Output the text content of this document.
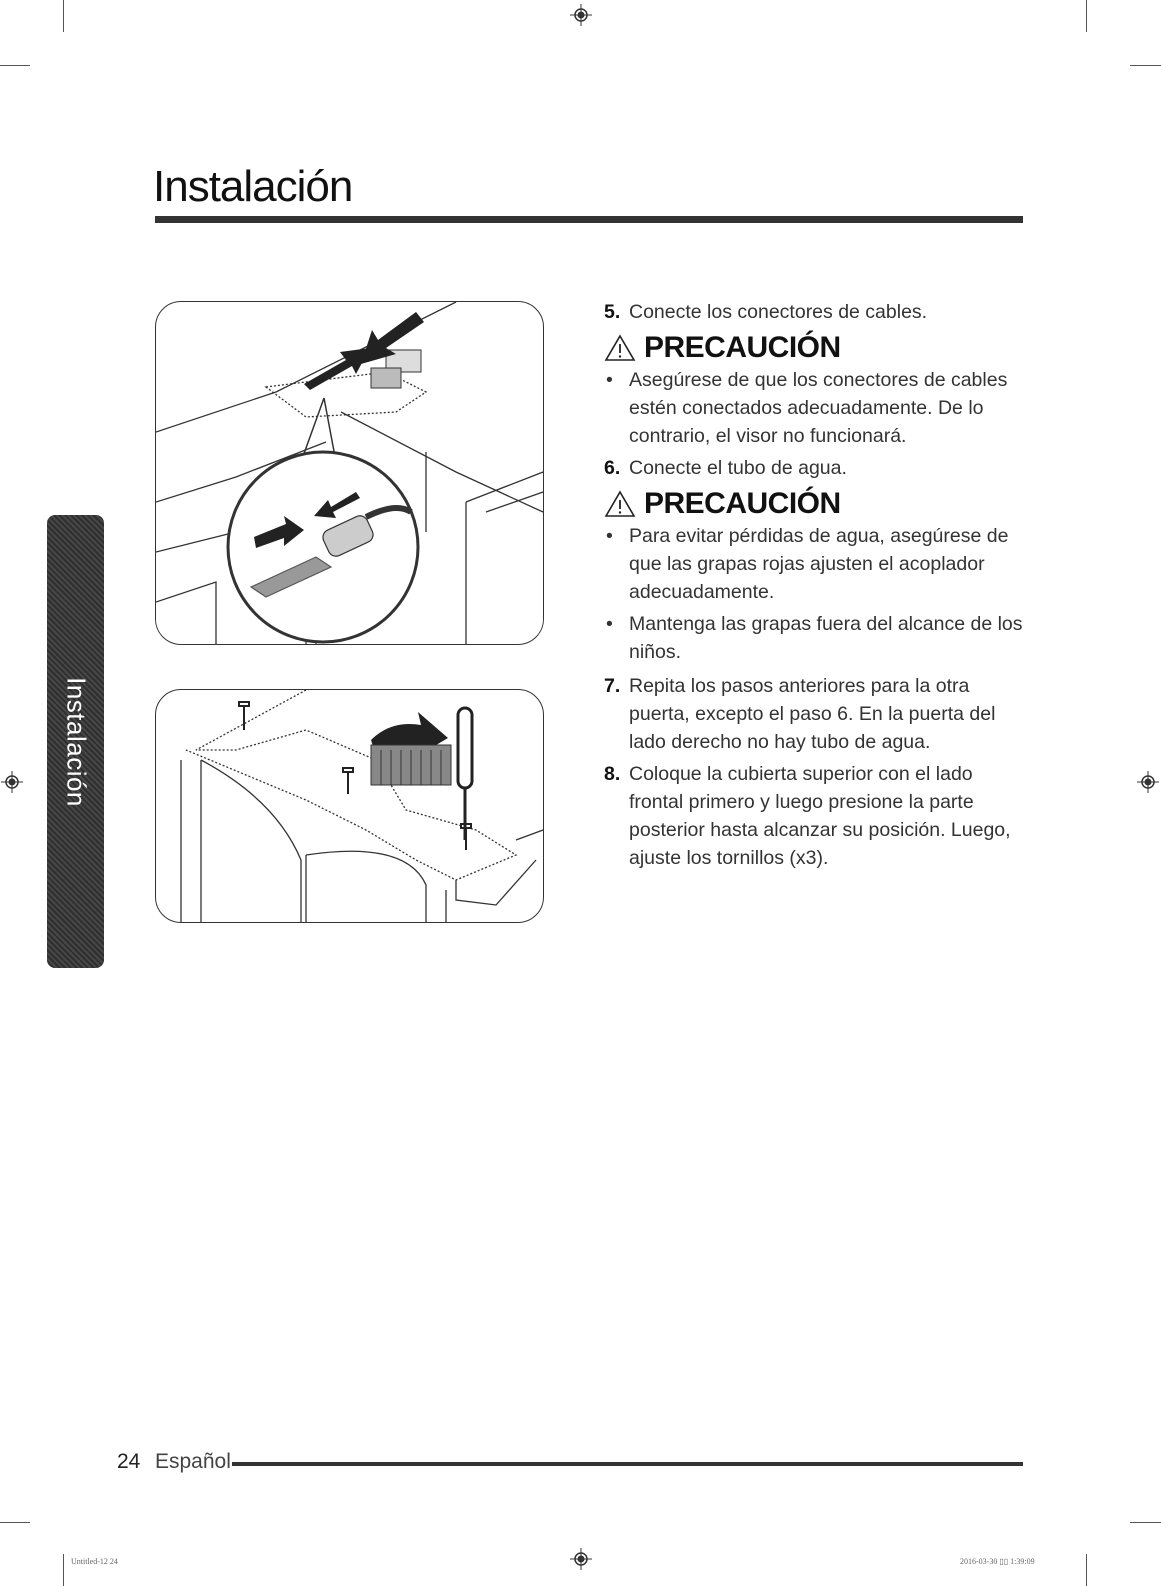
Instalación
Instalación
5. Conecte los conectores de cables.
PRECAUCIÓN
• Asegúrese de que los conectores de cables estén conectados adecuadamente. De lo contrario, el visor no funcionará.
6. Conecte el tubo de agua.
PRECAUCIÓN
• Para evitar pérdidas de agua, asegúrese de que las grapas rojas ajusten el acoplador adecuadamente.
• Mantenga las grapas fuera del alcance de los niños.
7. Repita los pasos anteriores para la otra puerta, excepto el paso 6. En la puerta del lado derecho no hay tubo de agua.
8. Coloque la cubierta superior con el lado frontal primero y luego presione la parte posterior hasta alcanzar su posición. Luego, ajuste los tornillos (x3).
24 Español
Untitled-12 24	2016-03-30 ▯▯ 1:39:09
